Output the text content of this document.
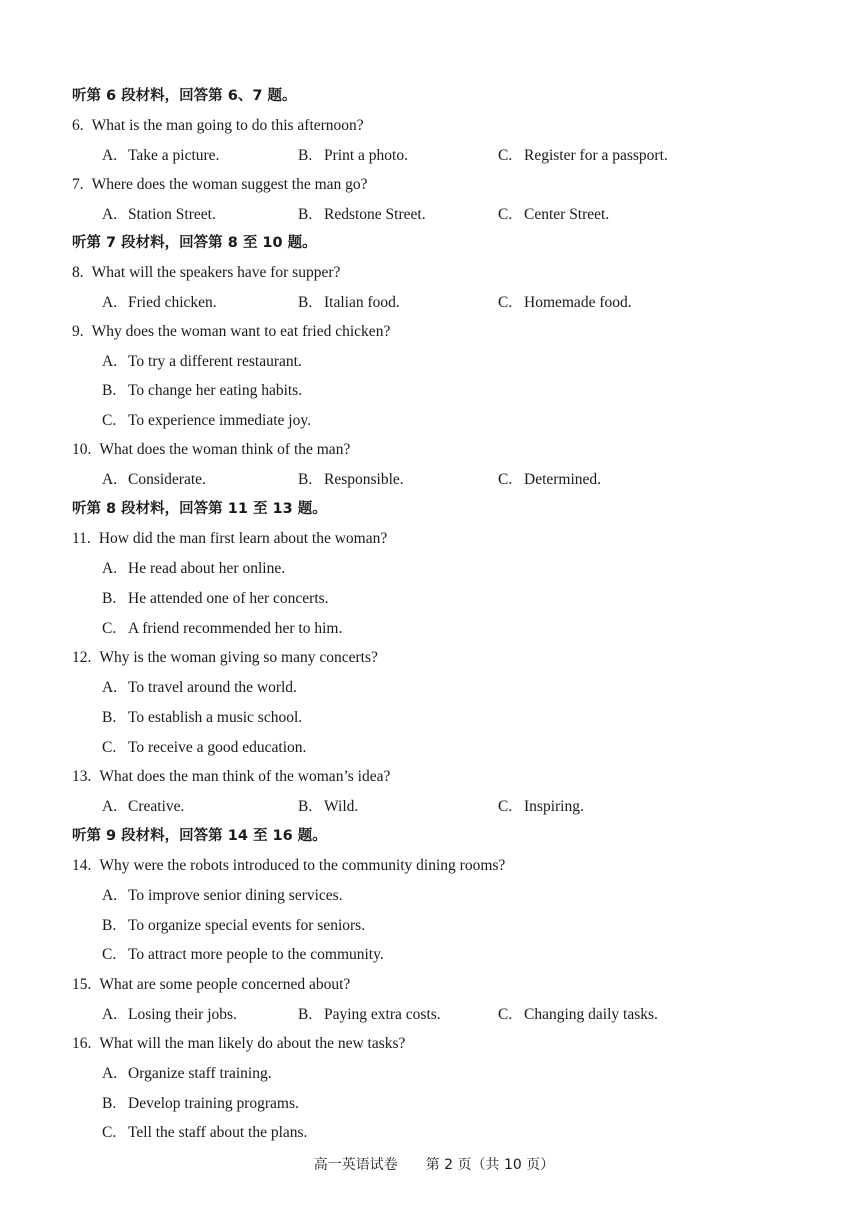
听第 6 段材料，回答第 6、7 题。
6. What is the man going to do this afternoon?
A. Take a picture.	B. Print a photo.	C. Register for a passport.
7. Where does the woman suggest the man go?
A. Station Street.	B. Redstone Street.	C. Center Street.
听第 7 段材料，回答第 8 至 10 题。
8. What will the speakers have for supper?
A. Fried chicken.	B. Italian food.	C. Homemade food.
9. Why does the woman want to eat fried chicken?
A. To try a different restaurant.
B. To change her eating habits.
C. To experience immediate joy.
10. What does the woman think of the man?
A. Considerate.	B. Responsible.	C. Determined.
听第 8 段材料，回答第 11 至 13 题。
11. How did the man first learn about the woman?
A. He read about her online.
B. He attended one of her concerts.
C. A friend recommended her to him.
12. Why is the woman giving so many concerts?
A. To travel around the world.
B. To establish a music school.
C. To receive a good education.
13. What does the man think of the woman’s idea?
A. Creative.	B. Wild.	C. Inspiring.
听第 9 段材料，回答第 14 至 16 题。
14. Why were the robots introduced to the community dining rooms?
A. To improve senior dining services.
B. To organize special events for seniors.
C. To attract more people to the community.
15. What are some people concerned about?
A. Losing their jobs.	B. Paying extra costs.	C. Changing daily tasks.
16. What will the man likely do about the new tasks?
A. Organize staff training.
B. Develop training programs.
C. Tell the staff about the plans.
高一英语试卷 第 2 页（共 10 页）
